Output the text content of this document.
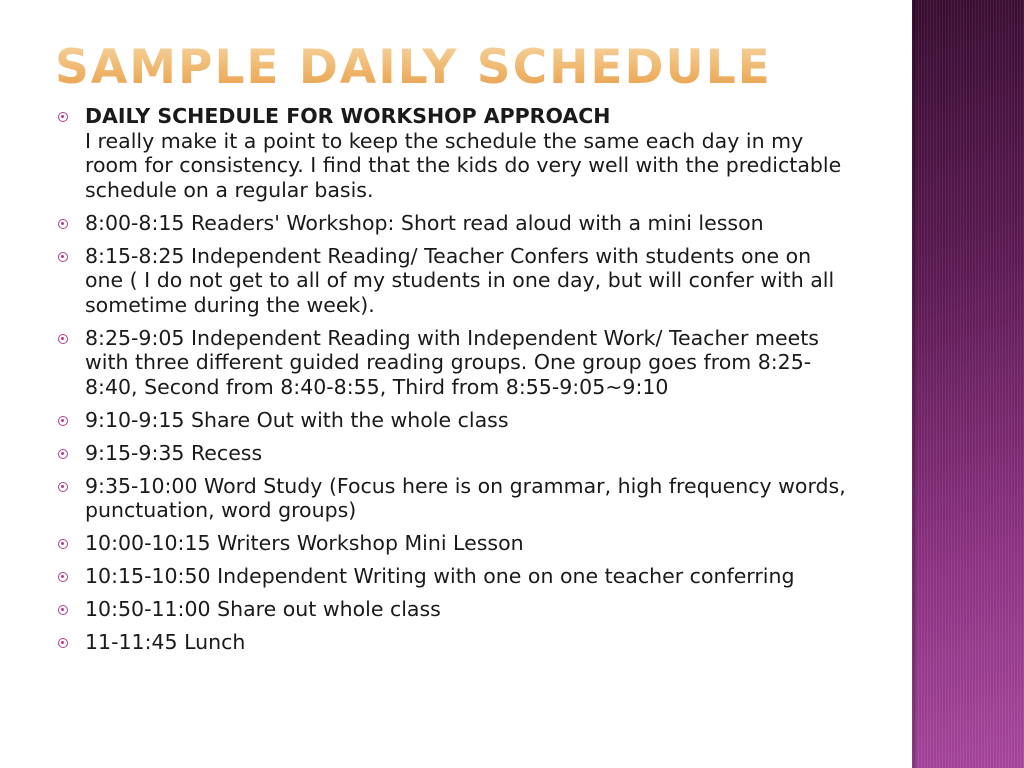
SAMPLE DAILY SCHEDULE
DAILY SCHEDULE FOR WORKSHOP APPROACH
I really make it a point to keep the schedule the same each day in my room for consistency. I find that the kids do very well with the predictable schedule on a regular basis.
8:00-8:15 Readers' Workshop: Short read aloud with a mini lesson
8:15-8:25 Independent Reading/ Teacher Confers with students one on one ( I do not get to all of my students in one day, but will confer with all sometime during the week).
8:25-9:05 Independent Reading with Independent Work/ Teacher meets with three different guided reading groups. One group goes from 8:25-8:40, Second from 8:40-8:55, Third from 8:55-9:05~9:10
9:10-9:15 Share Out with the whole class
9:15-9:35 Recess
9:35-10:00 Word Study (Focus here is on grammar, high frequency words, punctuation, word groups)
10:00-10:15 Writers Workshop Mini Lesson
10:15-10:50 Independent Writing with one on one teacher conferring
10:50-11:00 Share out whole class
11-11:45 Lunch
